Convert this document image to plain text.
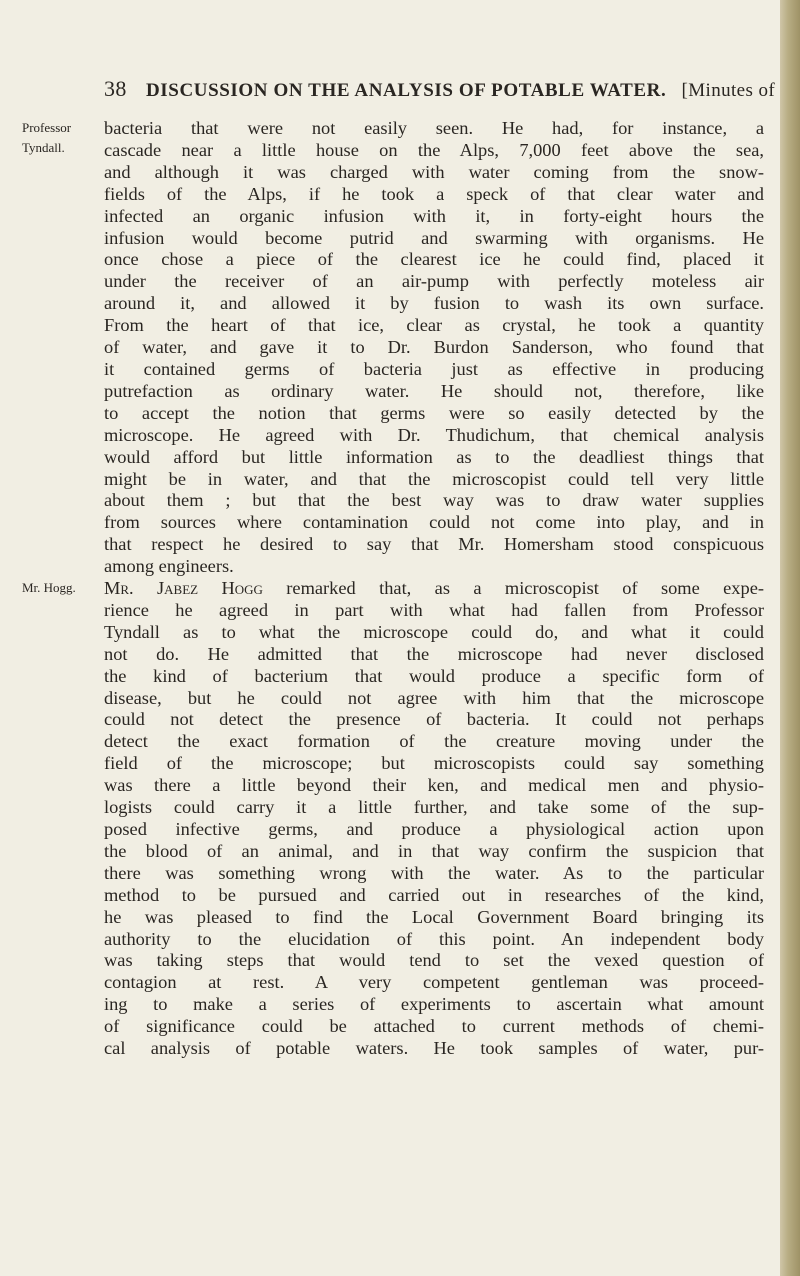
38 DISCUSSION ON THE ANALYSIS OF POTABLE WATER. [Minutes of
Professor
Tyndall.
Mr. Hogg.
bacteria that were not easily seen. He had, for instance, a
cascade near a little house on the Alps, 7,000 feet above the sea,
and although it was charged with water coming from the snow-
fields of the Alps, if he took a speck of that clear water and
infected an organic infusion with it, in forty-eight hours the
infusion would become putrid and swarming with organisms. He
once chose a piece of the clearest ice he could find, placed it
under the receiver of an air-pump with perfectly moteless air
around it, and allowed it by fusion to wash its own surface.
From the heart of that ice, clear as crystal, he took a quantity
of water, and gave it to Dr. Burdon Sanderson, who found that
it contained germs of bacteria just as effective in producing
putrefaction as ordinary water. He should not, therefore, like
to accept the notion that germs were so easily detected by the
microscope. He agreed with Dr. Thudichum, that chemical analysis
would afford but little information as to the deadliest things that
might be in water, and that the microscopist could tell very little
about them ; but that the best way was to draw water supplies
from sources where contamination could not come into play, and in
that respect he desired to say that Mr. Homersham stood conspicuous
among engineers.
Mr. Jabez Hogg remarked that, as a microscopist of some expe-
rience he agreed in part with what had fallen from Professor
Tyndall as to what the microscope could do, and what it could
not do. He admitted that the microscope had never disclosed
the kind of bacterium that would produce a specific form of
disease, but he could not agree with him that the microscope
could not detect the presence of bacteria. It could not perhaps
detect the exact formation of the creature moving under the
field of the microscope; but microscopists could say something
was there a little beyond their ken, and medical men and physio-
logists could carry it a little further, and take some of the sup-
posed infective germs, and produce a physiological action upon
the blood of an animal, and in that way confirm the suspicion that
there was something wrong with the water. As to the particular
method to be pursued and carried out in researches of the kind,
he was pleased to find the Local Government Board bringing its
authority to the elucidation of this point. An independent body
was taking steps that would tend to set the vexed question of
contagion at rest. A very competent gentleman was proceed-
ing to make a series of experiments to ascertain what amount
of significance could be attached to current methods of chemi-
cal analysis of potable waters. He took samples of water, pur-
